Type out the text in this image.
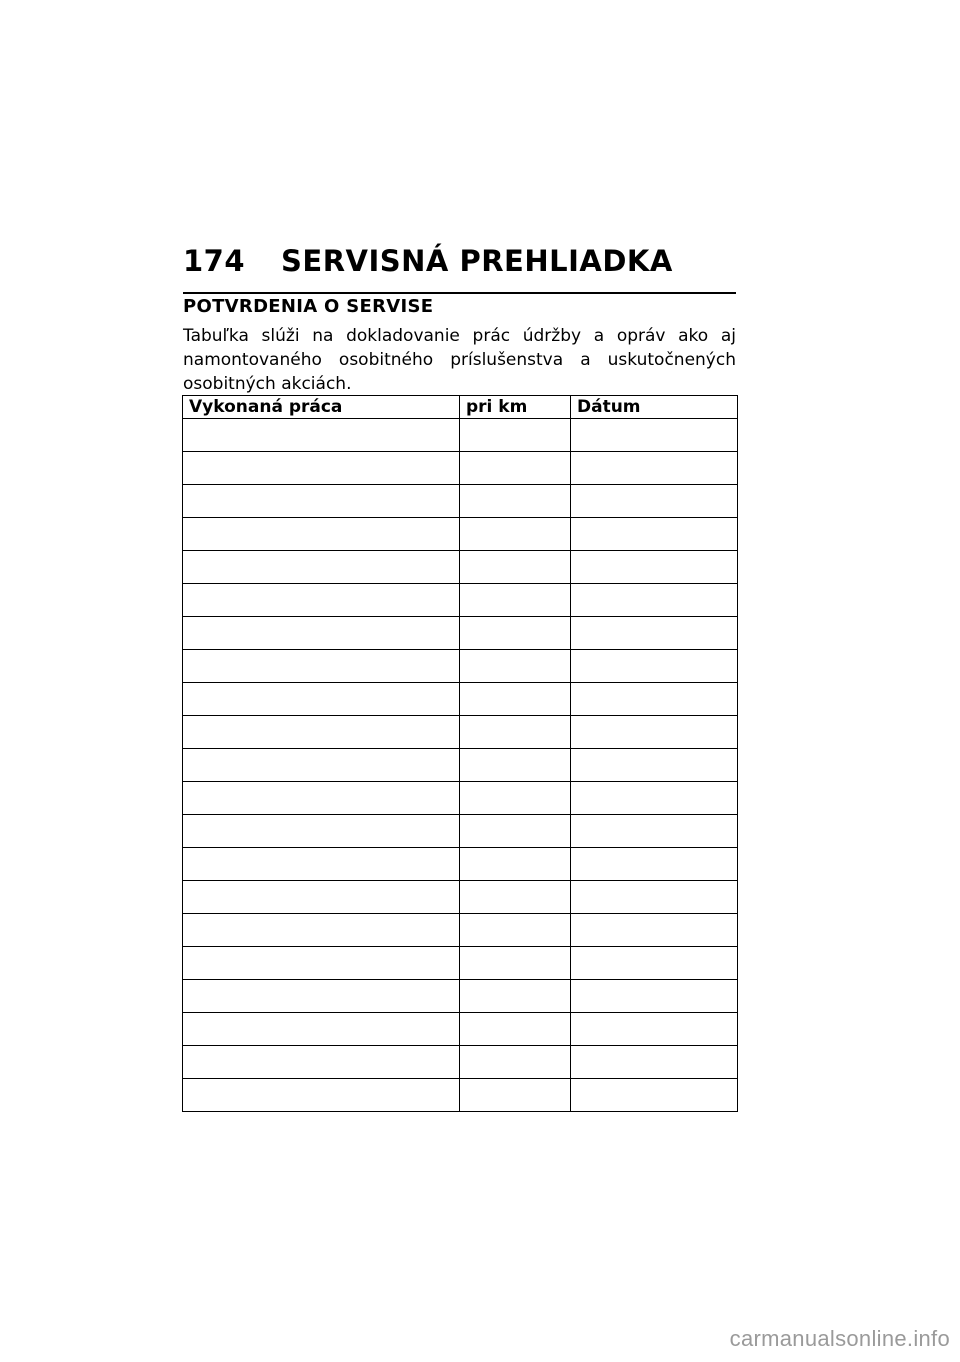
174	SERVISNÁ PREHLIADKA
POTVRDENIA O SERVISE
Tabuľka slúži na dokladovanie prác údržby a opráv ako aj namontovaného osobitného príslušenstva a uskutočnených osobitných akciách.
Vykonaná práca	pri km	Dátum

carmanualsonline.info
